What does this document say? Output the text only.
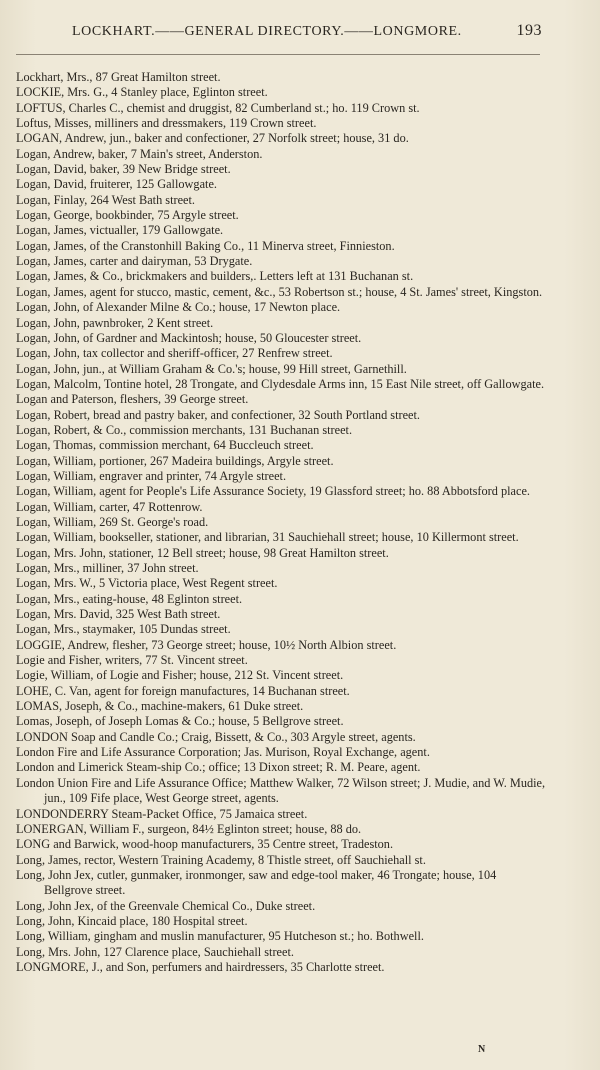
LOCKHART.——GENERAL DIRECTORY.——LONGMORE.	193
Lockhart, Mrs., 87 Great Hamilton street.
LOCKIE, Mrs. G., 4 Stanley place, Eglinton street.
LOFTUS, Charles C., chemist and druggist, 82 Cumberland st.; ho. 119 Crown st.
Loftus, Misses, milliners and dressmakers, 119 Crown street.
LOGAN, Andrew, jun., baker and confectioner, 27 Norfolk street; house, 31 do.
Logan, Andrew, baker, 7 Main's street, Anderston.
Logan, David, baker, 39 New Bridge street.
Logan, David, fruiterer, 125 Gallowgate.
Logan, Finlay, 264 West Bath street.
Logan, George, bookbinder, 75 Argyle street.
Logan, James, victualler, 179 Gallowgate.
Logan, James, of the Cranstonhill Baking Co., 11 Minerva street, Finnieston.
Logan, James, carter and dairyman, 53 Drygate.
Logan, James, & Co., brickmakers and builders,. Letters left at 131 Buchanan st.
Logan, James, agent for stucco, mastic, cement, &c., 53 Robertson st.; house, 4 St. James' street, Kingston.
Logan, John, of Alexander Milne & Co.; house, 17 Newton place.
Logan, John, pawnbroker, 2 Kent street.
Logan, John, of Gardner and Mackintosh; house, 50 Gloucester street.
Logan, John, tax collector and sheriff-officer, 27 Renfrew street.
Logan, John, jun., at William Graham & Co.'s; house, 99 Hill street, Garnethill.
Logan, Malcolm, Tontine hotel, 28 Trongate, and Clydesdale Arms inn, 15 East Nile street, off Gallowgate.
Logan and Paterson, fleshers, 39 George street.
Logan, Robert, bread and pastry baker, and confectioner, 32 South Portland street.
Logan, Robert, & Co., commission merchants, 131 Buchanan street.
Logan, Thomas, commission merchant, 64 Buccleuch street.
Logan, William, portioner, 267 Madeira buildings, Argyle street.
Logan, William, engraver and printer, 74 Argyle street.
Logan, William, agent for People's Life Assurance Society, 19 Glassford street; ho. 88 Abbotsford place.
Logan, William, carter, 47 Rottenrow.
Logan, William, 269 St. George's road.
Logan, William, bookseller, stationer, and librarian, 31 Sauchiehall street; house, 10 Killermont street.
Logan, Mrs. John, stationer, 12 Bell street; house, 98 Great Hamilton street.
Logan, Mrs., milliner, 37 John street.
Logan, Mrs. W., 5 Victoria place, West Regent street.
Logan, Mrs., eating-house, 48 Eglinton street.
Logan, Mrs. David, 325 West Bath street.
Logan, Mrs., staymaker, 105 Dundas street.
LOGGIE, Andrew, flesher, 73 George street; house, 10½ North Albion street.
Logie and Fisher, writers, 77 St. Vincent street.
Logie, William, of Logie and Fisher; house, 212 St. Vincent street.
LOHE, C. Van, agent for foreign manufactures, 14 Buchanan street.
LOMAS, Joseph, & Co., machine-makers, 61 Duke street.
Lomas, Joseph, of Joseph Lomas & Co.; house, 5 Bellgrove street.
LONDON Soap and Candle Co.; Craig, Bissett, & Co., 303 Argyle street, agents.
London Fire and Life Assurance Corporation; Jas. Murison, Royal Exchange, agent.
London and Limerick Steam-ship Co.; office; 13 Dixon street; R. M. Peare, agent.
London Union Fire and Life Assurance Office; Matthew Walker, 72 Wilson street; J. Mudie, and W. Mudie, jun., 109 Fife place, West George street, agents.
LONDONDERRY Steam-Packet Office, 75 Jamaica street.
LONERGAN, William F., surgeon, 84½ Eglinton street; house, 88 do.
LONG and Barwick, wood-hoop manufacturers, 35 Centre street, Tradeston.
Long, James, rector, Western Training Academy, 8 Thistle street, off Sauchiehall st.
Long, John Jex, cutler, gunmaker, ironmonger, saw and edge-tool maker, 46 Trongate; house, 104 Bellgrove street.
Long, John Jex, of the Greenvale Chemical Co., Duke street.
Long, John, Kincaid place, 180 Hospital street.
Long, William, gingham and muslin manufacturer, 95 Hutcheson st.; ho. Bothwell.
Long, Mrs. John, 127 Clarence place, Sauchiehall street.
LONGMORE, J., and Son, perfumers and hairdressers, 35 Charlotte street.
N
